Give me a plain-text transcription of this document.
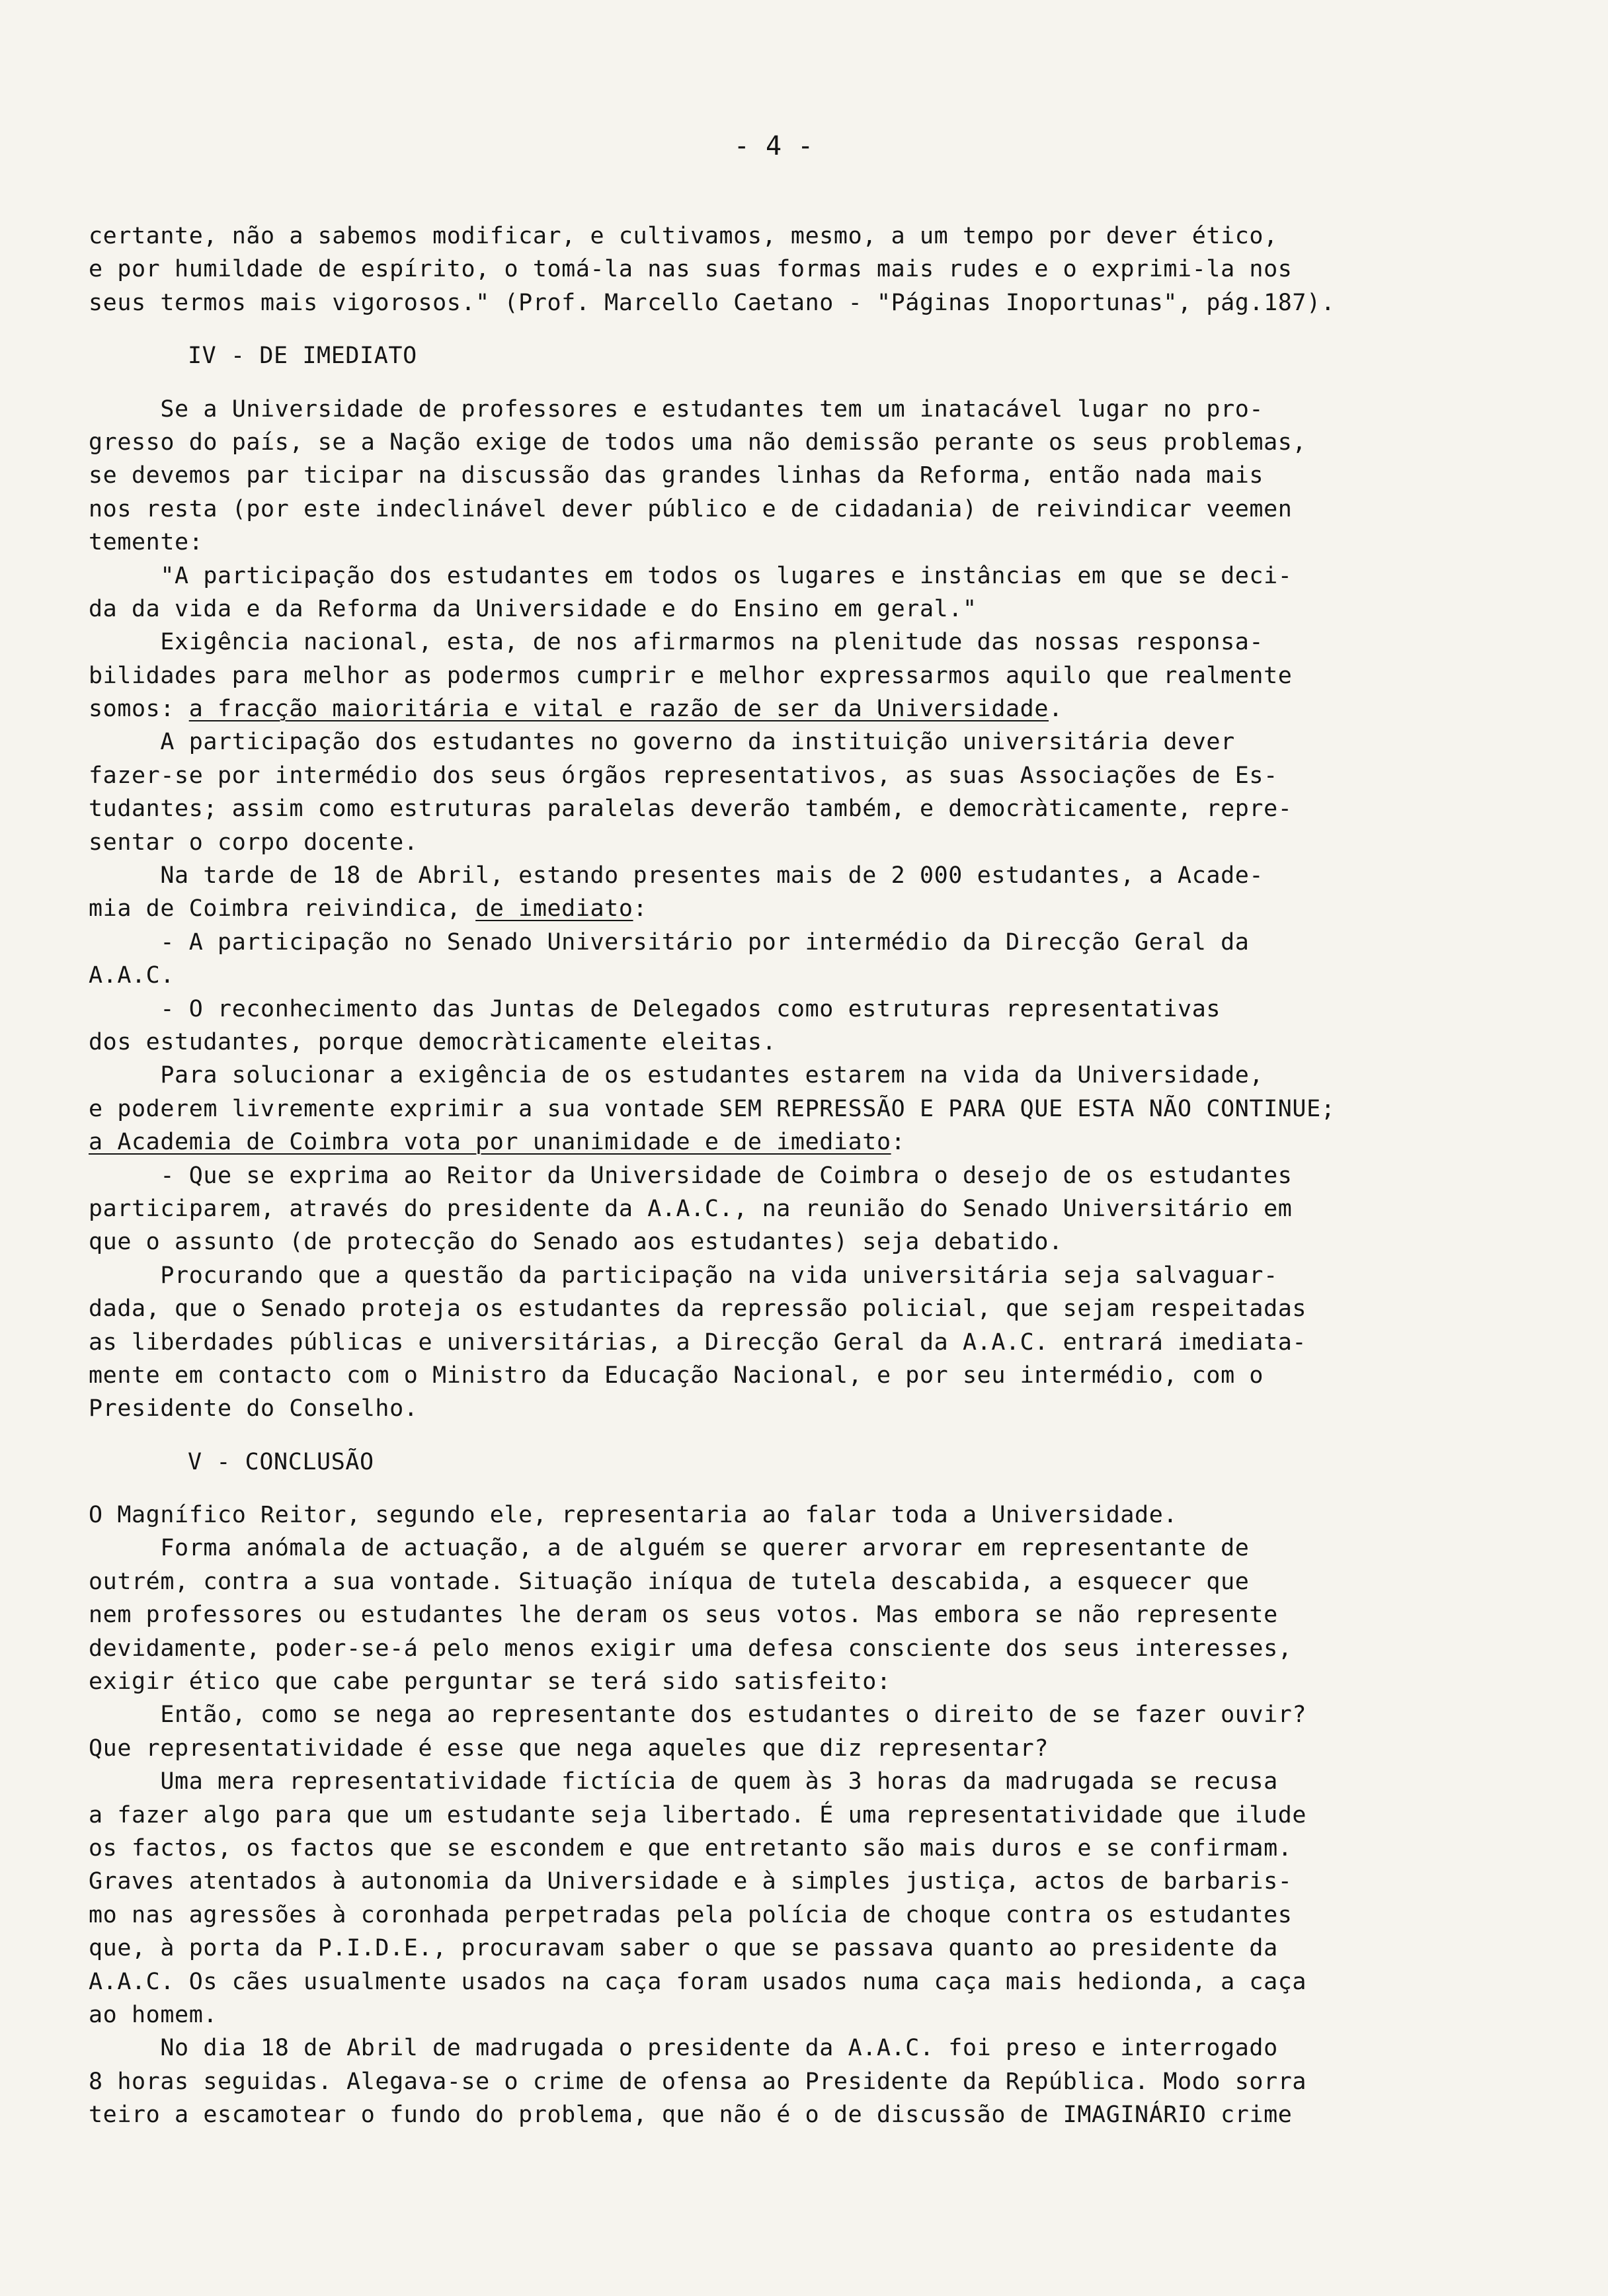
- 4 -
certante, não a sabemos modificar, e cultivamos, mesmo, a um tempo por dever ético,
e por humildade de espírito, o tomá-la nas suas formas mais rudes e o exprimi-la nos
seus termos mais vigorosos." (Prof. Marcello Caetano - "Páginas Inoportunas", pág.187).
IV - DE IMEDIATO
Se a Universidade de professores e estudantes tem um inatacável lugar no pro-
gresso do país, se a Nação exige de todos uma não demissão perante os seus problemas,
se devemos par ticipar na discussão das grandes linhas da Reforma, então nada mais
nos resta (por este indeclinável dever público e de cidadania) de reivindicar veemen
temente:
"A participação dos estudantes em todos os lugares e instâncias em que se deci-
da da vida e da Reforma da Universidade e do Ensino em geral."
Exigência nacional, esta, de nos afirmarmos na plenitude das nossas responsa-
bilidades para melhor as podermos cumprir e melhor expressarmos aquilo que realmente
somos: a fracção maioritária e vital e razão de ser da Universidade.
A participação dos estudantes no governo da instituição universitária dever
fazer-se por intermédio dos seus órgãos representativos, as suas Associações de Es-
tudantes; assim como estruturas paralelas deverão também, e democràticamente, repre-
sentar o corpo docente.
Na tarde de 18 de Abril, estando presentes mais de 2 000 estudantes, a Acade-
mia de Coimbra reivindica, de imediato:
- A participação no Senado Universitário por intermédio da Direcção Geral da
A.A.C.
- O reconhecimento das Juntas de Delegados como estruturas representativas
dos estudantes, porque democràticamente eleitas.
Para solucionar a exigência de os estudantes estarem na vida da Universidade,
e poderem livremente exprimir a sua vontade SEM REPRESSÃO E PARA QUE ESTA NÃO CONTINUE;
a Academia de Coimbra vota por unanimidade e de imediato:
- Que se exprima ao Reitor da Universidade de Coimbra o desejo de os estudantes
participarem, através do presidente da A.A.C., na reunião do Senado Universitário em
que o assunto (de protecção do Senado aos estudantes) seja debatido.
Procurando que a questão da participação na vida universitária seja salvaguar-
dada, que o Senado proteja os estudantes da repressão policial, que sejam respeitadas
as liberdades públicas e universitárias, a Direcção Geral da A.A.C. entrará imediata-
mente em contacto com o Ministro da Educação Nacional, e por seu intermédio, com o
Presidente do Conselho.
V - CONCLUSÃO
O Magnífico Reitor, segundo ele, representaria ao falar toda a Universidade.
Forma anómala de actuação, a de alguém se querer arvorar em representante de
outrém, contra a sua vontade. Situação iníqua de tutela descabida, a esquecer que
nem professores ou estudantes lhe deram os seus votos. Mas embora se não represente
devidamente, poder-se-á pelo menos exigir uma defesa consciente dos seus interesses,
exigir ético que cabe perguntar se terá sido satisfeito:
Então, como se nega ao representante dos estudantes o direito de se fazer ouvir?
Que representatividade é esse que nega aqueles que diz representar?
Uma mera representatividade fictícia de quem às 3 horas da madrugada se recusa
a fazer algo para que um estudante seja libertado. É uma representatividade que ilude
os factos, os factos que se escondem e que entretanto são mais duros e se confirmam.
Graves atentados à autonomia da Universidade e à simples justiça, actos de barbaris-
mo nas agressões à coronhada perpetradas pela polícia de choque contra os estudantes
que, à porta da P.I.D.E., procuravam saber o que se passava quanto ao presidente da
A.A.C. Os cães usualmente usados na caça foram usados numa caça mais hedionda, a caça
ao homem.
No dia 18 de Abril de madrugada o presidente da A.A.C. foi preso e interrogado
8 horas seguidas. Alegava-se o crime de ofensa ao Presidente da República. Modo sorra
teiro a escamotear o fundo do problema, que não é o de discussão de IMAGINÁRIO crime
